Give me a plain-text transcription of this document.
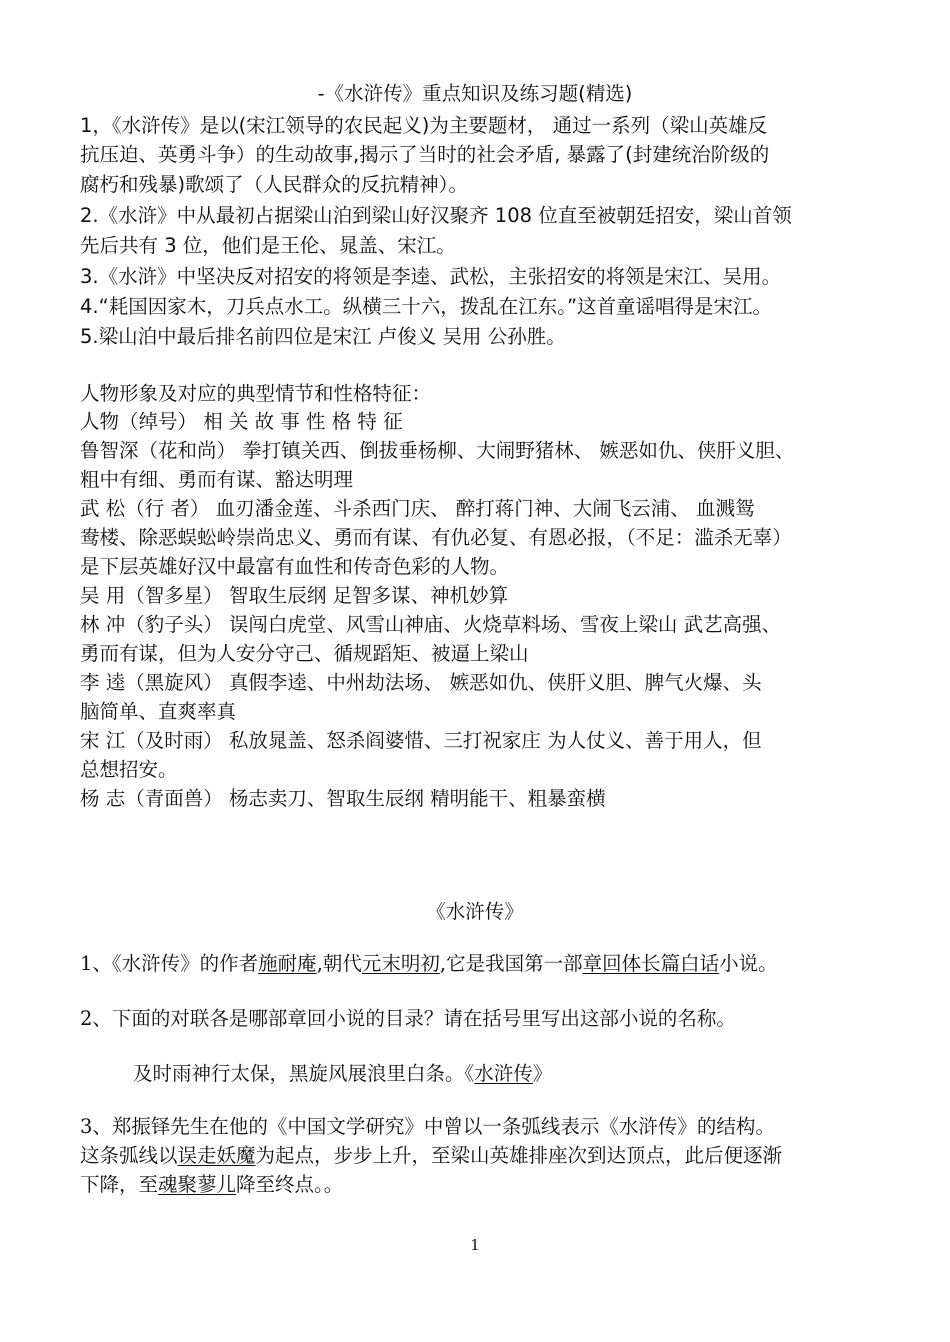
-《水浒传》重点知识及练习题(精选)
1，《水浒传》是以(宋江领导的农民起义)为主要题材， 通过一系列（梁山英雄反
抗压迫、英勇斗争）的生动故事,揭示了当时的社会矛盾, 暴露了(封建统治阶级的
腐朽和残暴)歌颂了（人民群众的反抗精神）。
2.《水浒》中从最初占据梁山泊到梁山好汉聚齐 108 位直至被朝廷招安，梁山首领
先后共有 3 位，他们是王伦、晁盖、宋江。
3.《水浒》中坚决反对招安的将领是李逵、武松，主张招安的将领是宋江、吴用。
4.“耗国因家木，刀兵点水工。纵横三十六，拨乱在江东。”这首童谣唱得是宋江。
5.梁山泊中最后排名前四位是宋江 卢俊义 吴用 公孙胜。
人物形象及对应的典型情节和性格特征：
人物（绰号） 相 关 故 事 性 格 特 征
鲁智深（花和尚） 拳打镇关西、倒拔垂杨柳、大闹野猪林、 嫉恶如仇、侠肝义胆、
粗中有细、勇而有谋、豁达明理
武 松（行 者） 血刃潘金莲、斗杀西门庆、 醉打蒋门神、大闹飞云浦、 血溅鸳
鸯楼、除恶蜈蚣岭崇尚忠义、勇而有谋、有仇必复、有恩必报，（不足：滥杀无辜）
是下层英雄好汉中最富有血性和传奇色彩的人物。
吴 用（智多星） 智取生辰纲 足智多谋、神机妙算
林 冲（豹子头） 误闯白虎堂、风雪山神庙、火烧草料场、雪夜上梁山 武艺高强、
勇而有谋，但为人安分守己、循规蹈矩、被逼上梁山
李 逵（黑旋风） 真假李逵、中州劫法场、 嫉恶如仇、侠肝义胆、脾气火爆、头
脑简单、直爽率真
宋 江（及时雨） 私放晁盖、怒杀阎婆惜、三打祝家庄 为人仗义、善于用人，但
总想招安。
杨 志（青面兽） 杨志卖刀、智取生辰纲 精明能干、粗暴蛮横
《水浒传》
1、《水浒传》的作者施耐庵,朝代元末明初,它是我国第一部章回体长篇白话小说。
2、下面的对联各是哪部章回小说的目录？请在括号里写出这部小说的名称。
及时雨神行太保，黑旋风展浪里白条。《水浒传》
3、郑振铎先生在他的《中国文学研究》中曾以一条弧线表示《水浒传》的结构。
这条弧线以误走妖魔为起点，步步上升，至梁山英雄排座次到达顶点，此后便逐渐
下降，至魂聚蓼儿降至终点。。
1
